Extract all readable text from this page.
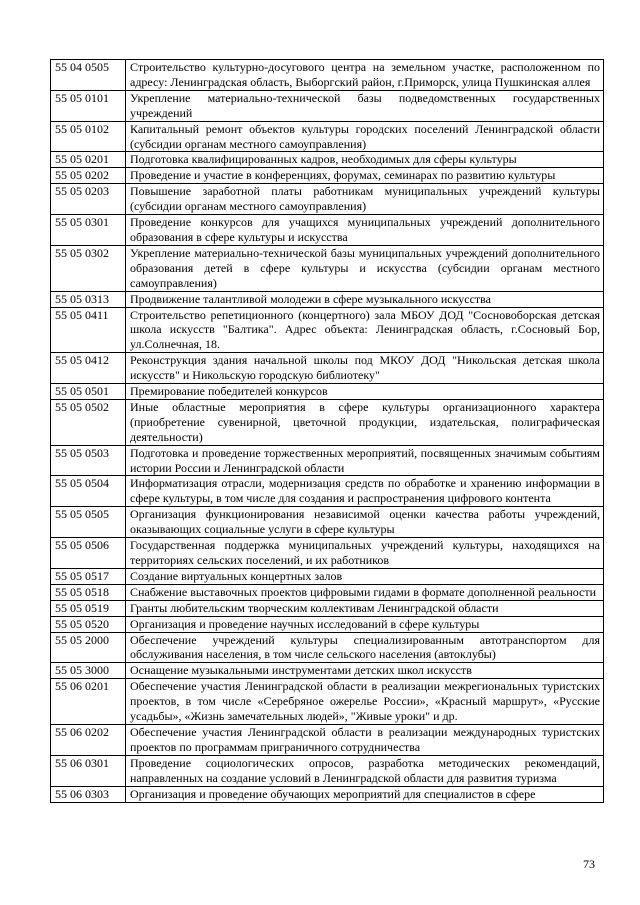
55 04 0505	Строительство культурно-досугового центра на земельном участке, расположенном по адресу: Ленинградская область, Выборгский район, г.Приморск, улица Пушкинская аллея
55 05 0101	Укрепление материально-технической базы подведомственных государственных учреждений
55 05 0102	Капитальный ремонт объектов культуры городских поселений Ленинградской области (субсидии органам местного самоуправления)
55 05 0201	Подготовка квалифицированных кадров, необходимых для сферы культуры
55 05 0202	Проведение и участие в конференциях, форумах, семинарах по развитию культуры
55 05 0203	Повышение заработной платы работникам муниципальных учреждений культуры (субсидии органам местного самоуправления)
55 05 0301	Проведение конкурсов для учащихся муниципальных учреждений дополнительного образования в сфере культуры и искусства
55 05 0302	Укрепление материально-технической базы муниципальных учреждений дополнительного образования детей в сфере культуры и искусства (субсидии органам местного самоуправления)
55 05 0313	Продвижение талантливой молодежи в сфере музыкального искусства
55 05 0411	Строительство репетиционного (концертного) зала МБОУ ДОД "Сосновоборская детская школа искусств "Балтика". Адрес объекта: Ленинградская область, г.Сосновый Бор, ул.Солнечная, 18.
55 05 0412	Реконструкция здания начальной школы под МКОУ ДОД "Никольская детская школа искусств" и Никольскую городскую библиотеку"
55 05 0501	Премирование победителей конкурсов
55 05 0502	Иные областные мероприятия в сфере культуры организационного характера (приобретение сувенирной, цветочной продукции, издательская, полиграфическая деятельности)
55 05 0503	Подготовка и проведение торжественных мероприятий, посвященных значимым событиям истории России и Ленинградской области
55 05 0504	Информатизация отрасли, модернизация средств по обработке и хранению информации в сфере культуры, в том числе для создания и распространения цифрового контента
55 05 0505	Организация функционирования независимой оценки качества работы учреждений, оказывающих социальные услуги в сфере культуры
55 05 0506	Государственная поддержка муниципальных учреждений культуры, находящихся на территориях сельских поселений, и их работников
55 05 0517	Создание виртуальных концертных залов
55 05 0518	Снабжение выставочных проектов цифровыми гидами в формате дополненной реальности
55 05 0519	Гранты любительским творческим коллективам Ленинградской области
55 05 0520	Организация и проведение научных исследований в сфере культуры
55 05 2000	Обеспечение учреждений культуры специализированным автотранспортом для обслуживания населения, в том числе сельского населения (автоклубы)
55 05 3000	Оснащение музыкальными инструментами детских школ искусств
55 06 0201	Обеспечение участия Ленинградской области в реализации межрегиональных туристских проектов, в том числе «Серебряное ожерелье России», «Красный маршрут», «Русские усадьбы», «Жизнь замечательных людей», "Живые уроки" и др.
55 06 0202	Обеспечение участия Ленинградской области в реализации международных туристских проектов по программам приграничного сотрудничества
55 06 0301	Проведение социологических опросов, разработка методических рекомендаций, направленных на создание условий в Ленинградской области для развития туризма
55 06 0303	Организация и проведение обучающих мероприятий для специалистов в сфере
73
